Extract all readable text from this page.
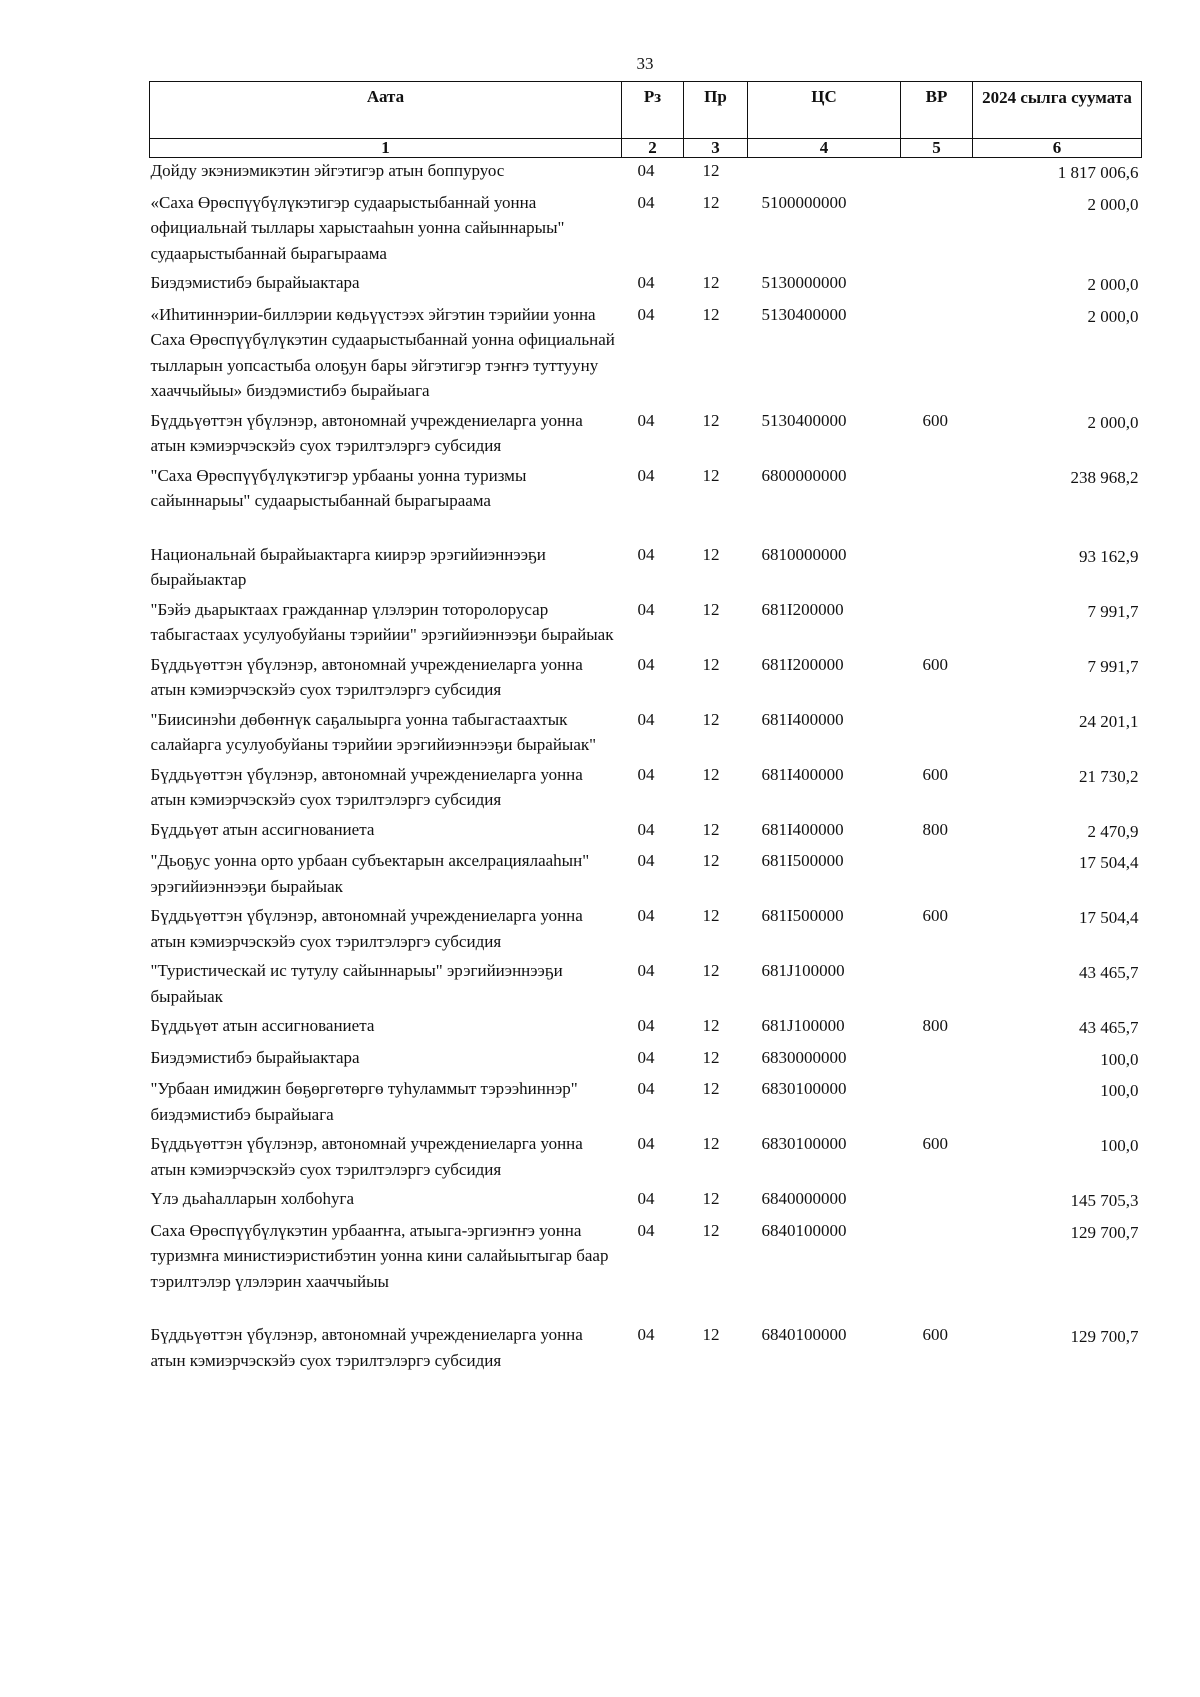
33
Аата	Рз	Пр	ЦС	ВР	2024 сылга суумата
1	2	3	4	5	6
Дойду экэниэмикэтин эйгэтигэр атын боппуруос	04	12			1 817 006,6
«Саха Өрөспүүбүлүкэтигэр судаарыстыбаннай уонна официальнай тыллары харыстааһын уонна сайыннарыы" судаарыстыбаннай бырагыраама	04	12	5100000000		2 000,0
Биэдэмистибэ бырайыактара	04	12	5130000000		2 000,0
«Иһитиннэрии-биллэрии көдьүүстээх эйгэтин тэрийии уонна Саха Өрөспүүбүлүкэтин судаарыстыбаннай уонна официальнай тылларын уопсастыба олоҕун бары эйгэтигэр тэҥҥэ туттууну хааччыйыы» биэдэмистибэ бырайыага	04	12	5130400000		2 000,0
Бүддьүөттэн үбүлэнэр, автономнай учреждениеларга уонна атын кэмиэрчэскэйэ суох тэрилтэлэргэ субсидия	04	12	5130400000	600	2 000,0
"Саха Өрөспүүбүлүкэтигэр урбааны уонна туризмы сайыннарыы" судаарыстыбаннай бырагыраама	04	12	6800000000		238 968,2
Национальнай бырайыактарга киирэр эрэгийиэннээҕи бырайыактар	04	12	6810000000		93 162,9
"Бэйэ дьарыктаах гражданнар үлэлэрин тоторолорусар табыгастаах усулуобуйаны тэрийии" эрэгийиэннээҕи бырайыак	04	12	681I200000		7 991,7
Бүддьүөттэн үбүлэнэр, автономнай учреждениеларга уонна атын кэмиэрчэскэйэ суох тэрилтэлэргэ субсидия	04	12	681I200000	600	7 991,7
"Биисинэһи дөбөҥнүк саҕалыырга уонна табыгастаахтык салайарга усулуобуйаны тэрийии эрэгийиэннээҕи бырайыак"	04	12	681I400000		24 201,1
Бүддьүөттэн үбүлэнэр, автономнай учреждениеларга уонна атын кэмиэрчэскэйэ суох тэрилтэлэргэ субсидия	04	12	681I400000	600	21 730,2
Бүддьүөт атын ассигнованиета	04	12	681I400000	800	2 470,9
"Дьоҕус уонна орто урбаан субъектарын акселрациялааһын" эрэгийиэннээҕи бырайыак	04	12	681I500000		17 504,4
Бүддьүөттэн үбүлэнэр, автономнай учреждениеларга уонна атын кэмиэрчэскэйэ суох тэрилтэлэргэ субсидия	04	12	681I500000	600	17 504,4
"Туристическай ис тутулу сайыннарыы" эрэгийиэннээҕи бырайыак	04	12	681J100000		43 465,7
Бүддьүөт атын ассигнованиета	04	12	681J100000	800	43 465,7
Биэдэмистибэ бырайыактара	04	12	6830000000		100,0
"Урбаан имиджин бөҕөргөтөргө туһуламмыт тэрээһиннэр" биэдэмистибэ бырайыага	04	12	6830100000		100,0
Бүддьүөттэн үбүлэнэр, автономнай учреждениеларга уонна атын кэмиэрчэскэйэ суох тэрилтэлэргэ субсидия	04	12	6830100000	600	100,0
Үлэ дьаһалларын холбоһуга	04	12	6840000000		145 705,3
Саха Өрөспүүбүлүкэтин урбааҥҥа, атыыга-эргиэҥҥэ уонна туризмҥа министиэристибэтин уонна кини салайыытыгар баар тэрилтэлэр үлэлэрин хааччыйыы	04	12	6840100000		129 700,7
Бүддьүөттэн үбүлэнэр, автономнай учреждениеларга уонна атын кэмиэрчэскэйэ суох тэрилтэлэргэ субсидия	04	12	6840100000	600	129 700,7
